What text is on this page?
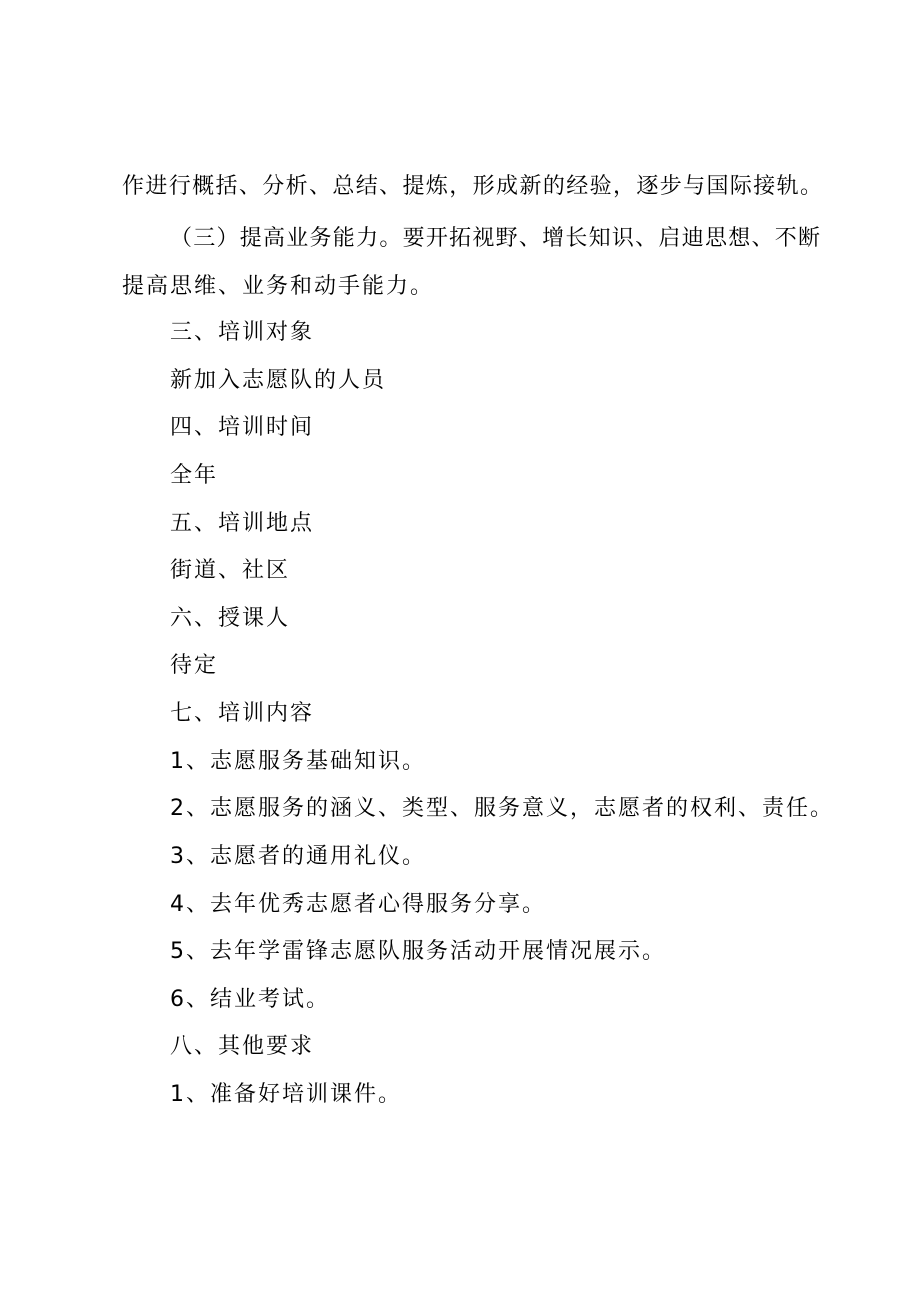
作进行概括、分析、总结、提炼，形成新的经验，逐步与国际接轨。
（三）提高业务能力。要开拓视野、增长知识、启迪思想、不断
提高思维、业务和动手能力。
三、培训对象
新加入志愿队的人员
四、培训时间
全年
五、培训地点
街道、社区
六、授课人
待定
七、培训内容
1、志愿服务基础知识。
2、志愿服务的涵义、类型、服务意义，志愿者的权利、责任。
3、志愿者的通用礼仪。
4、去年优秀志愿者心得服务分享。
5、去年学雷锋志愿队服务活动开展情况展示。
6、结业考试。
八、其他要求
1、准备好培训课件。
